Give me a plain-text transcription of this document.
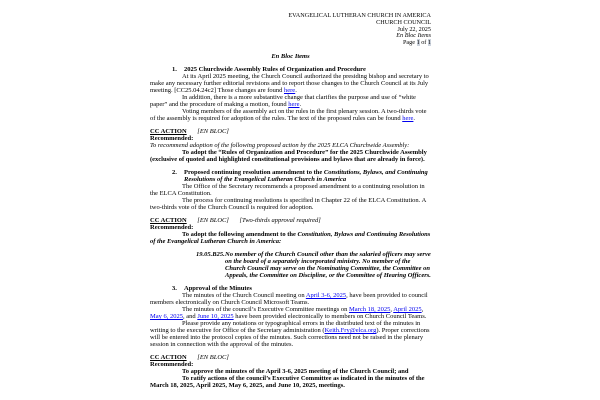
EVANGELICAL LUTHERAN CHURCH IN AMERICA
CHURCH COUNCIL
July 22, 2025
En Bloc Items
Page 1 of 1
En Bloc Items
1.	2025 Churchwide Assembly Rules of Organization and Procedure
At its April 2025 meeting, the Church Council authorized the presiding bishop and secretary to make any necessary further editorial revisions and to report those changes to the Church Council at its July meeting. [CC25.04.24c2] Those changes are found here.
In addition, there is a more substantive change that clarifies the purpose and use of “white paper” and the procedure of making a motion, found here.
Voting members of the assembly act on the rules in the first plenary session. A two-thirds vote of the assembly is required for adoption of the rules. The text of the proposed rules can be found here.
CC ACTION [EN BLOC]
Recommended:
To recommend adoption of the following proposed action by the 2025 ELCA Churchwide Assembly:
To adopt the “Rules of Organization and Procedure” for the 2025 Churchwide Assembly (exclusive of quoted and highlighted constitutional provisions and bylaws that are already in force).
2.	Proposed continuing resolution amendment to the Constitutions, Bylaws, and Continuing Resolutions of the Evangelical Lutheran Church in America
The Office of the Secretary recommends a proposed amendment to a continuing resolution in the ELCA Constitution.
The process for continuing resolutions is specified in Chapter 22 of the ELCA Constitution. A two-thirds vote of the Church Council is required for adoption.
CC ACTION [EN BLOC] [Two-thirds approval required]
Recommended:
To adopt the following amendment to the Constitution, Bylaws and Continuing Resolutions of the Evangelical Lutheran Church in America:
19.05.B25. No member of the Church Council other than the salaried officers may serve on the board of a separately incorporated ministry. No member of the Church Council may serve on the Nominating Committee, the Committee on Appeals, the Committee on Discipline, or the Committee of Hearing Officers.
3.	Approval of the Minutes
The minutes of the Church Council meeting on April 3-6, 2025, have been provided to council members electronically on Church Council Microsoft Teams.
The minutes of the council’s Executive Committee meetings on March 18, 2025, April 2025, May 6, 2025, and June 10, 2025 have been provided electronically to members on Church Council Teams.
Please provide any notations or typographical errors in the distributed text of the minutes in writing to the executive for Office of the Secretary administration (Keith.Fry@elca.org). Proper corrections will be entered into the protocol copies of the minutes. Such corrections need not be raised in the plenary session in connection with the approval of the minutes.
CC ACTION [EN BLOC]
Recommended:
To approve the minutes of the April 3-6, 2025 meeting of the Church Council; and
To ratify actions of the council’s Executive Committee as indicated in the minutes of the March 18, 2025, April 2025, May 6, 2025, and June 10, 2025, meetings.
